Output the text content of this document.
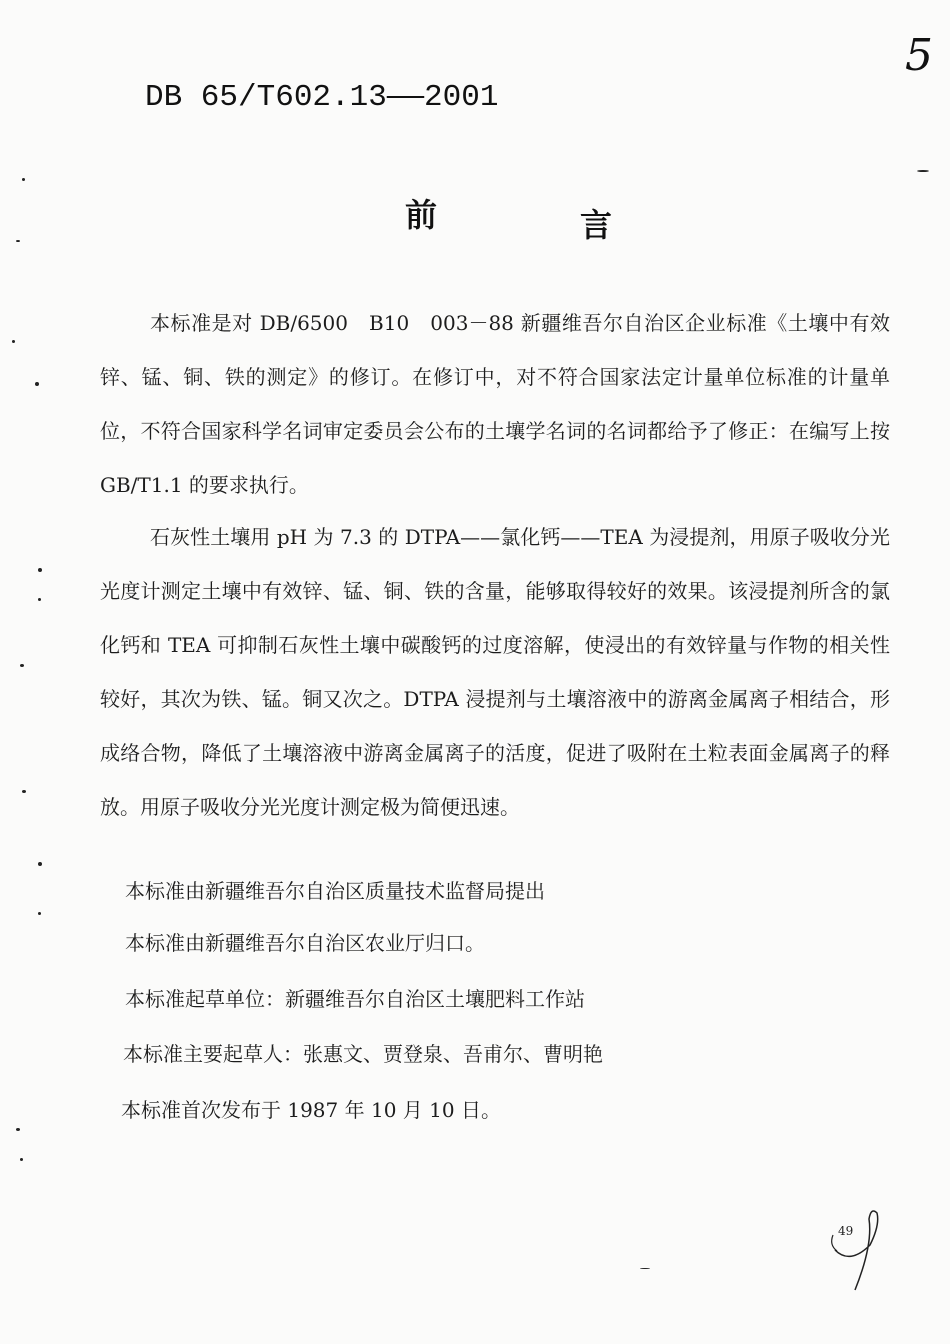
DB 65/T602.13——2001
5
前	言
本标准是对 DB/6500　B10　003－88 新疆维吾尔自治区企业标准《土壤中有效锌、锰、铜、铁的测定》的修订。在修订中，对不符合国家法定计量单位标准的计量单位，不符合国家科学名词审定委员会公布的土壤学名词的名词都给予了修正：在编写上按 GB/T1.1 的要求执行。
石灰性土壤用 pH 为 7.3 的 DTPA——氯化钙——TEA 为浸提剂，用原子吸收分光光度计测定土壤中有效锌、锰、铜、铁的含量，能够取得较好的效果。该浸提剂所含的氯化钙和 TEA 可抑制石灰性土壤中碳酸钙的过度溶解，使浸出的有效锌量与作物的相关性较好，其次为铁、锰。铜又次之。DTPA 浸提剂与土壤溶液中的游离金属离子相结合，形成络合物，降低了土壤溶液中游离金属离子的活度，促进了吸附在土粒表面金属离子的释放。用原子吸收分光光度计测定极为简便迅速。
本标准由新疆维吾尔自治区质量技术监督局提出
本标准由新疆维吾尔自治区农业厅归口。
本标准起草单位：新疆维吾尔自治区土壤肥料工作站
本标准主要起草人：张惠文、贾登泉、吾甫尔、曹明艳
本标准首次发布于 1987 年 10 月 10 日。
49
